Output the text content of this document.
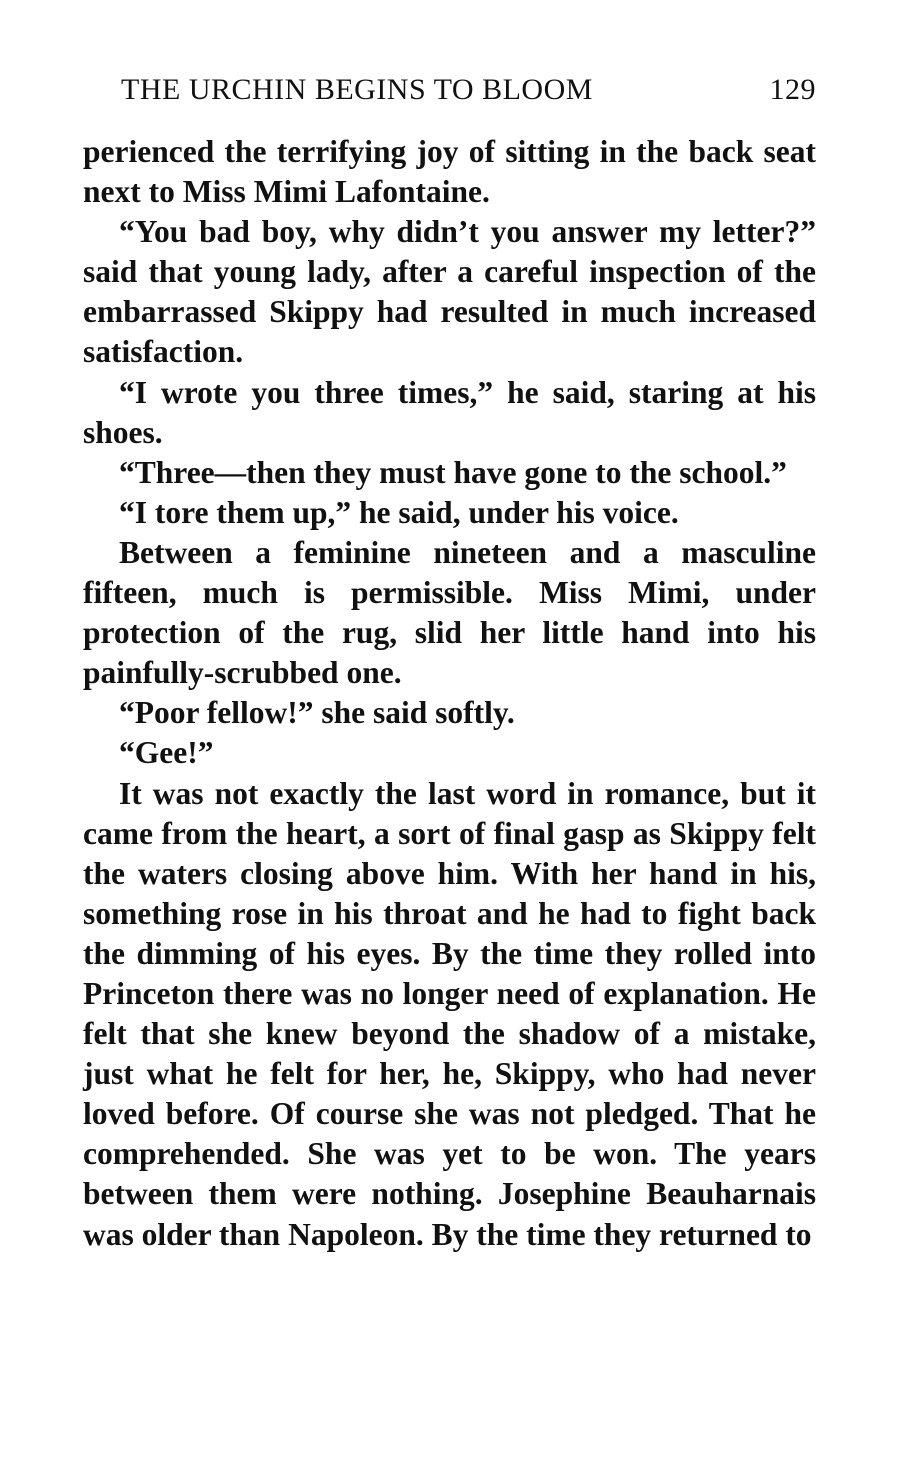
THE URCHIN BEGINS TO BLOOM	129

perienced the terrifying joy of sitting in the back seat next to Miss Mimi Lafontaine.

“You bad boy, why didn’t you answer my letter?” said that young lady, after a careful inspection of the embarrassed Skippy had resulted in much increased satisfaction.

“I wrote you three times,” he said, staring at his shoes.

“Three—then they must have gone to the school.”

“I tore them up,” he said, under his voice.

Between a feminine nineteen and a masculine fifteen, much is permissible. Miss Mimi, under protection of the rug, slid her little hand into his painfully-scrubbed one.

“Poor fellow!” she said softly.

“Gee!”

It was not exactly the last word in romance, but it came from the heart, a sort of final gasp as Skippy felt the waters closing above him. With her hand in his, something rose in his throat and he had to fight back the dimming of his eyes. By the time they rolled into Princeton there was no longer need of explanation. He felt that she knew beyond the shadow of a mistake, just what he felt for her, he, Skippy, who had never loved before. Of course she was not pledged. That he comprehended. She was yet to be won. The years between them were nothing. Josephine Beauharnais was older than Napoleon. By the time they returned to
